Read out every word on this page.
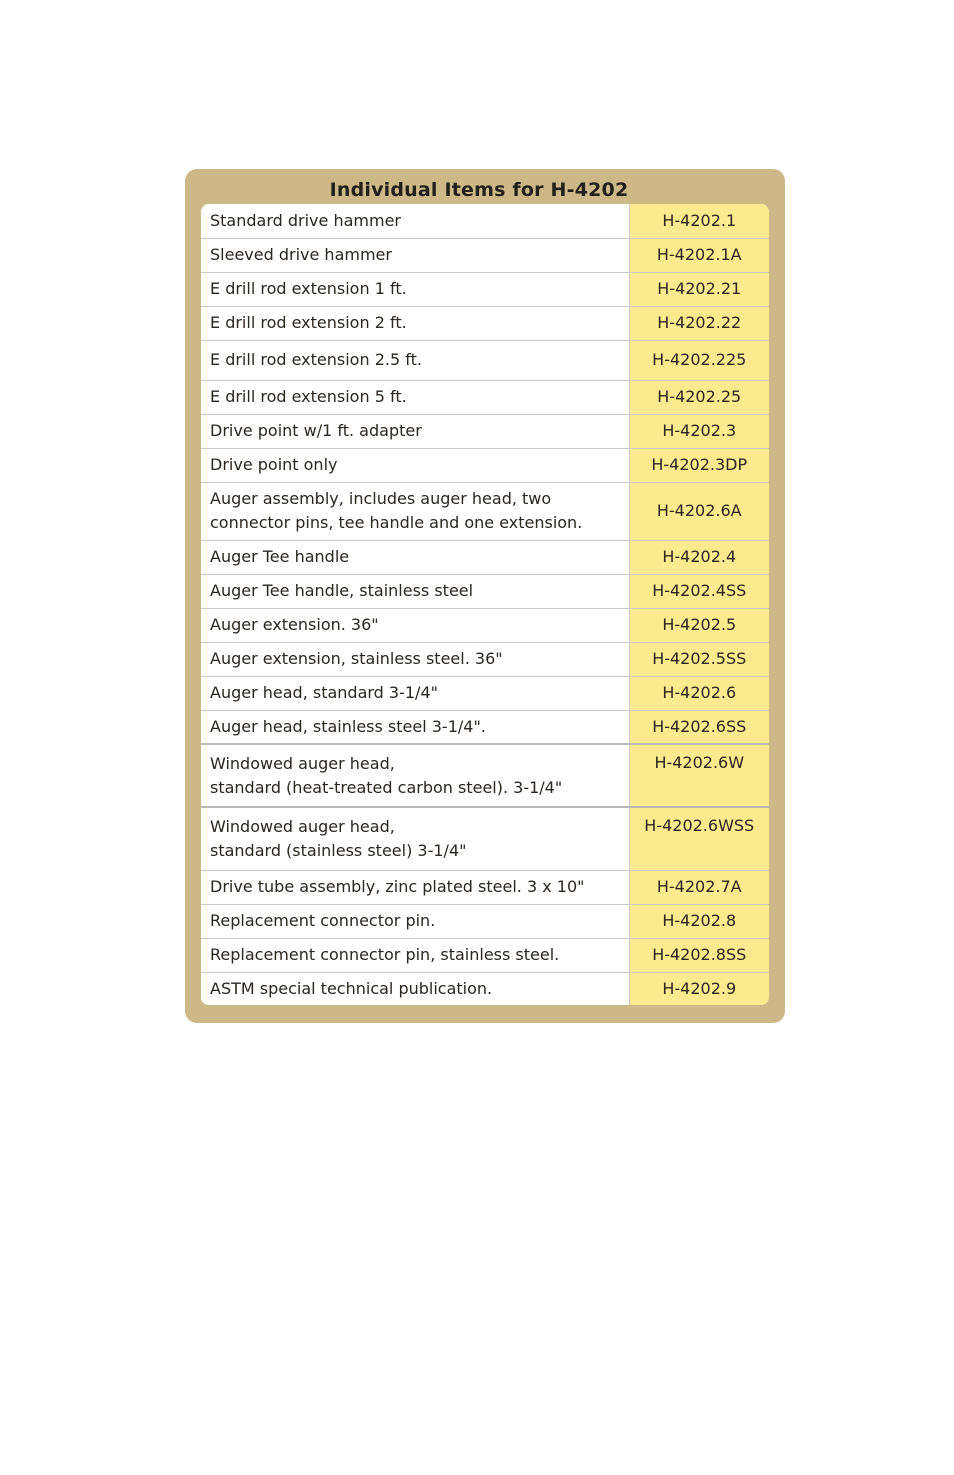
Individual Items for H-4202
Standard drive hammer	H-4202.1

Sleeved drive hammer	H-4202.1A

E drill rod extension 1 ft.	H-4202.21

E drill rod extension 2 ft.	H-4202.22

E drill rod extension 2.5 ft.	H-4202.225

E drill rod extension 5 ft.	H-4202.25

Drive point w/1 ft. adapter	H-4202.3

Drive point only	H-4202.3DP

Auger assembly, includes auger head, two
connector pins, tee handle and one extension.	H-4202.6A

Auger Tee handle	H-4202.4

Auger Tee handle, stainless steel	H-4202.4SS

Auger extension. 36"	H-4202.5

Auger extension, stainless steel. 36"	H-4202.5SS

Auger head, standard 3-1/4"	H-4202.6

Auger head, stainless steel 3-1/4".	H-4202.6SS

Windowed auger head,
standard (heat-treated carbon steel). 3-1/4"	H-4202.6W

Windowed auger head,
standard (stainless steel) 3-1/4"	H-4202.6WSS

Drive tube assembly, zinc plated steel. 3 x 10"	H-4202.7A

Replacement connector pin.	H-4202.8

Replacement connector pin, stainless steel.	H-4202.8SS

ASTM special technical publication.	H-4202.9
